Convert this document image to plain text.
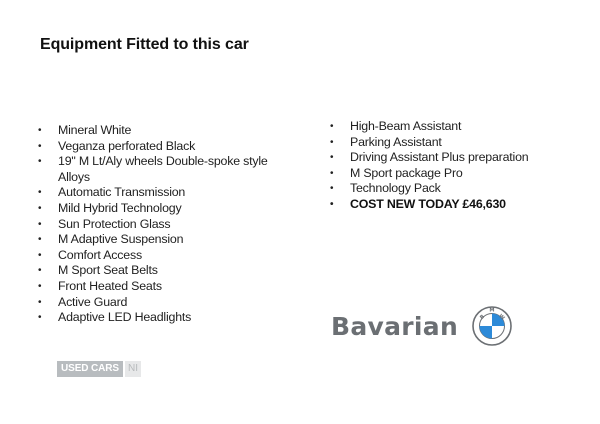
Equipment Fitted to this car
• Mineral White
• Veganza perforated Black
• 19" M Lt/Aly wheels Double-spoke style Alloys
• Automatic Transmission
• Mild Hybrid Technology
• Sun Protection Glass
• M Adaptive Suspension
• Comfort Access
• M Sport Seat Belts
• Front Heated Seats
• Active Guard
• Adaptive LED Headlights
• High-Beam Assistant
• Parking Assistant
• Driving Assistant Plus preparation
• M Sport package Pro
• Technology Pack
• COST NEW TODAY £46,630
Bavarian	B
M
W
USED CARS NI
